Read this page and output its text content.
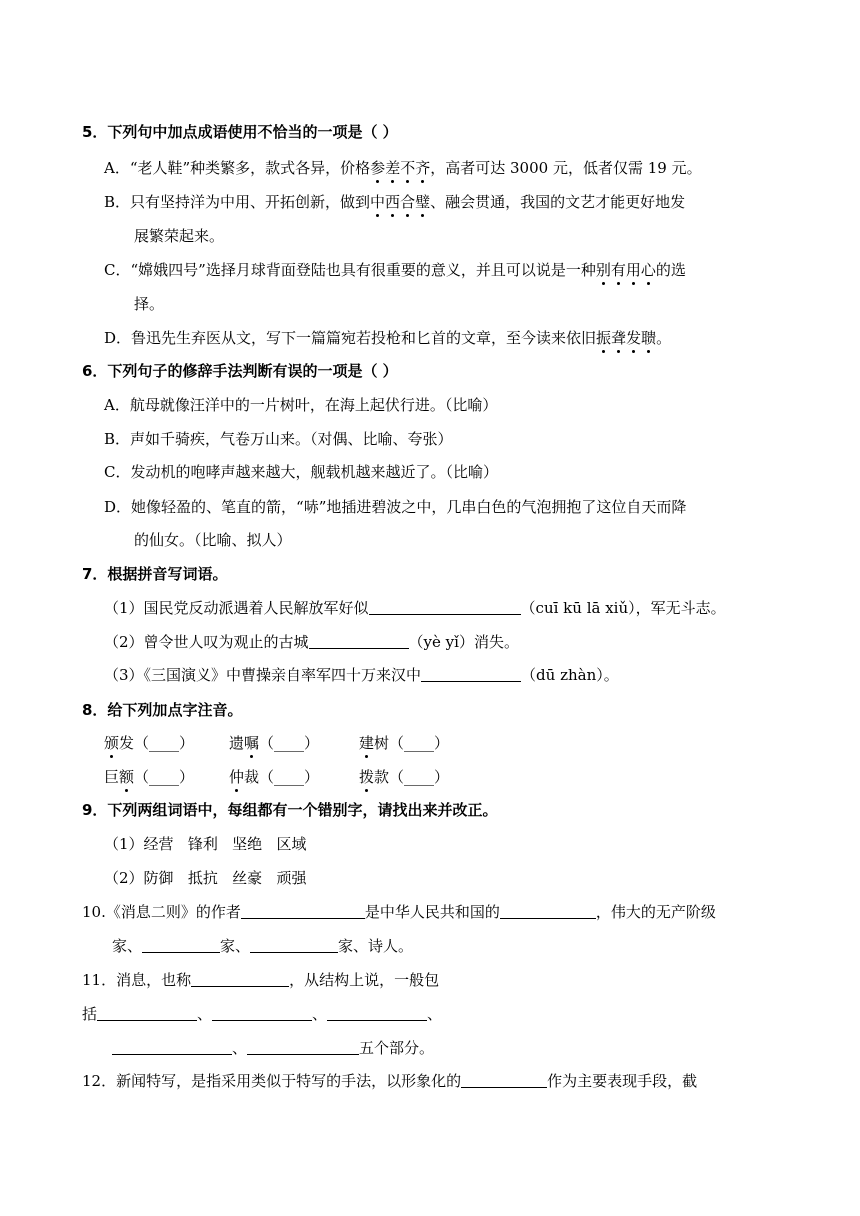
5．下列句中加点成语使用不恰当的一项是（ ）
A．“老人鞋”种类繁多，款式各异，价格参差不齐，高者可达 3000 元，低者仅需 19 元。
B．只有坚持洋为中用、开拓创新，做到中西合璧、融会贯通，我国的文艺才能更好地发
展繁荣起来。
C．“嫦娥四号”选择月球背面登陆也具有很重要的意义，并且可以说是一种别有用心的选
择。
D．鲁迅先生弃医从文，写下一篇篇宛若投枪和匕首的文章，至今读来依旧振聋发聩。
6．下列句子的修辞手法判断有误的一项是（ ）
A．航母就像汪洋中的一片树叶，在海上起伏行进。（比喻）
B．声如千骑疾，气卷万山来。（对偶、比喻、夸张）
C．发动机的咆哮声越来越大，舰载机越来越近了。（比喻）
D．她像轻盈的、笔直的箭，“哧”地插进碧波之中，几串白色的气泡拥抱了这位自天而降
的仙女。（比喻、拟人）
7．根据拼音写词语。
（1）国民党反动派遇着人民解放军好似	（cuī kū lā xiǔ），军无斗志。
（2）曾令世人叹为观止的古城	（yè yǐ）消失。
（3）《三国演义》中曹操亲自率军四十万来汉中	（dū zhàn）。
8．给下列加点字注音。
颁发（____） 遗嘱（____）	建树（____）
巨额（____） 仲裁（____）	拨款（____）
9．下列两组词语中，每组都有一个错别字，请找出来并改正。
（1）经营   锋利   坚绝   区域
（2）防御   抵抗   丝豪   顽强
10.《消息二则》的作者	是中华人民共和国的	，伟大的无产阶级
家、	家、	家、诗人。
11．消息，也称	，从结构上说，一般包
括	、	、	、
、	五个部分。
12．新闻特写，是指采用类似于特写的手法，以形象化的	作为主要表现手段，截
